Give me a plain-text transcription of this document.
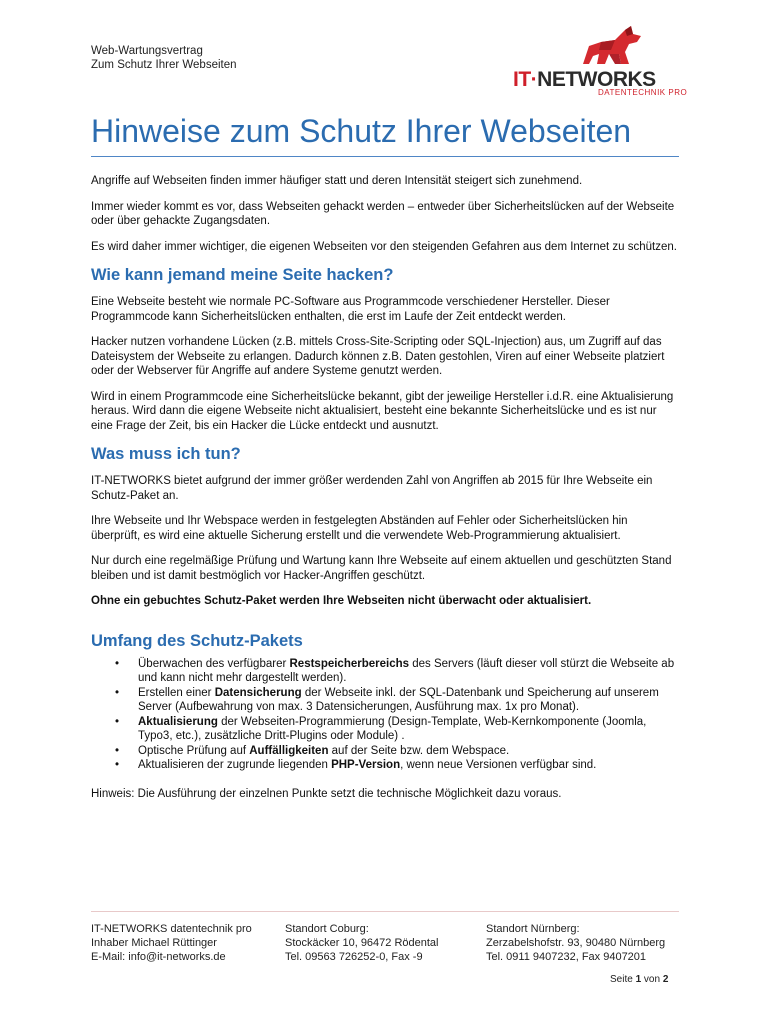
Web-Wartungsvertrag
Zum Schutz Ihrer Webseiten
IT·NETWORKS
DATENTECHNIK PRO
Hinweise zum Schutz Ihrer Webseiten

Angriffe auf Webseiten finden immer häufiger statt und deren Intensität steigert sich zunehmend.

Immer wieder kommt es vor, dass Webseiten gehackt werden – entweder über Sicherheitslücken auf der Webseite oder über gehackte Zugangsdaten.

Es wird daher immer wichtiger, die eigenen Webseiten vor den steigenden Gefahren aus dem Internet zu schützen.

Wie kann jemand meine Seite hacken?

Eine Webseite besteht wie normale PC-Software aus Programmcode verschiedener Hersteller. Dieser Programmcode kann Sicherheitslücken enthalten, die erst im Laufe der Zeit entdeckt werden.

Hacker nutzen vorhandene Lücken (z.B. mittels Cross-Site-Scripting oder SQL-Injection) aus, um Zugriff auf das Dateisystem der Webseite zu erlangen. Dadurch können z.B. Daten gestohlen, Viren auf einer Webseite platziert oder der Webserver für Angriffe auf andere Systeme genutzt werden.

Wird in einem Programmcode eine Sicherheitslücke bekannt, gibt der jeweilige Hersteller i.d.R. eine Aktualisierung heraus. Wird dann die eigene Webseite nicht aktualisiert, besteht eine bekannte Sicherheitslücke und es ist nur eine Frage der Zeit, bis ein Hacker die Lücke entdeckt und ausnutzt.

Was muss ich tun?

IT-NETWORKS bietet aufgrund der immer größer werdenden Zahl von Angriffen ab 2015 für Ihre Webseite ein Schutz-Paket an.

Ihre Webseite und Ihr Webspace werden in festgelegten Abständen auf Fehler oder Sicherheitslücken hin überprüft, es wird eine aktuelle Sicherung erstellt und die verwendete Web-Programmierung aktualisiert.

Nur durch eine regelmäßige Prüfung und Wartung kann Ihre Webseite auf einem aktuellen und geschützten Stand bleiben und ist damit bestmöglich vor Hacker-Angriffen geschützt.

Ohne ein gebuchtes Schutz-Paket werden Ihre Webseiten nicht überwacht oder aktualisiert.

Umfang des Schutz-Pakets
• Überwachen des verfügbarer Restspeicherbereichs des Servers (läuft dieser voll stürzt die Webseite ab und kann nicht mehr dargestellt werden).
• Erstellen einer Datensicherung der Webseite inkl. der SQL-Datenbank und Speicherung auf unserem Server (Aufbewahrung von max. 3 Datensicherungen, Ausführung max. 1x pro Monat).
• Aktualisierung der Webseiten-Programmierung (Design-Template, Web-Kernkomponente (Joomla, Typo3, etc.), zusätzliche Dritt-Plugins oder Module) .
• Optische Prüfung auf Auffälligkeiten auf der Seite bzw. dem Webspace.
• Aktualisieren der zugrunde liegenden PHP-Version, wenn neue Versionen verfügbar sind.

Hinweis: Die Ausführung der einzelnen Punkte setzt die technische Möglichkeit dazu voraus.

IT-NETWORKS datentechnik pro
Inhaber Michael Rüttinger
E-Mail: info@it-networks.de
Standort Coburg:
Stockäcker 10, 96472 Rödental
Tel. 09563 726252-0, Fax -9
Standort Nürnberg:
Zerzabelshofstr. 93, 90480 Nürnberg
Tel. 0911 9407232, Fax 9407201
Seite 1 von 2
